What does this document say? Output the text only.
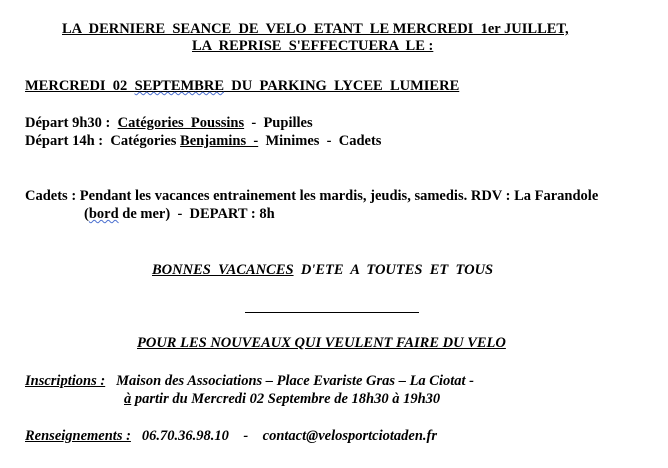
LA  DERNIERE  SEANCE  DE  VELO  ETANT  LE MERCREDI  1er JUILLET,
LA  REPRISE  S'EFFECTUERA  LE :
MERCREDI  02  SEPTEMBRE  DU  PARKING  LYCEE  LUMIERE
Départ 9h30 :  Catégories  Poussins  -  Pupilles
Départ 14h :  Catégories Benjamins  -  Minimes  -  Cadets
Cadets : Pendant les vacances entrainement les mardis, jeudis, samedis. RDV : La Farandole
(bord de mer)  -  DEPART : 8h
BONNES  VACANCES  D'ETE  A  TOUTES  ET  TOUS
POUR LES NOUVEAUX QUI VEULENT FAIRE DU VELO
Inscriptions :   Maison des Associations – Place Evariste Gras – La Ciotat -
à partir du Mercredi 02 Septembre de 18h30 à 19h30
Renseignements :   06.70.36.98.10    -    contact@velosportciotaden.fr
